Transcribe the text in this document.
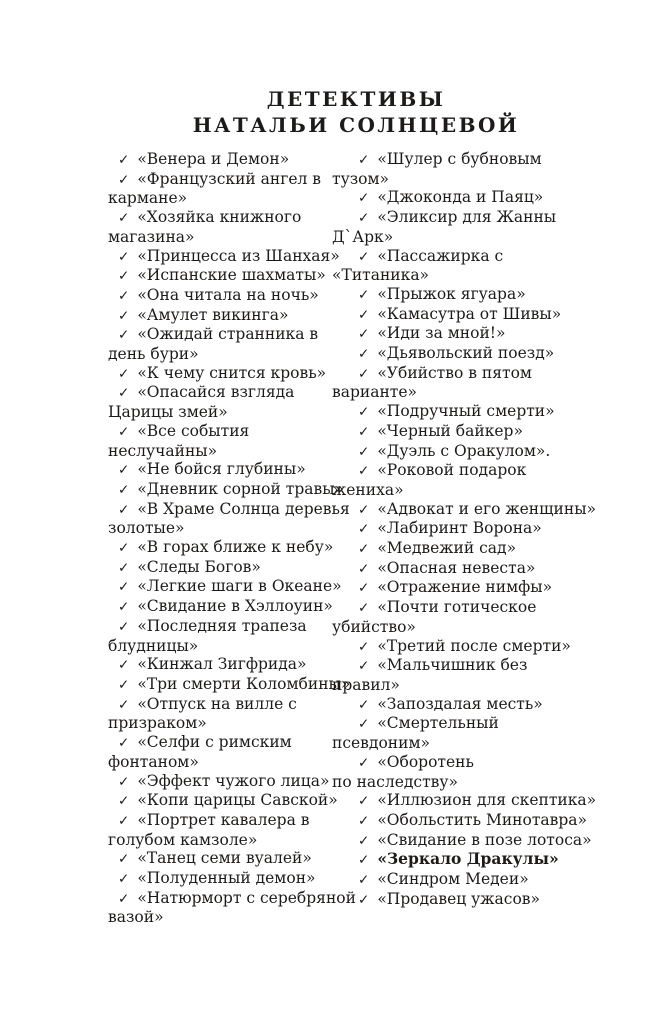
ДЕТЕКТИВЫ
НАТАЛЬИ СОЛНЦЕВОЙ
✓ «Венера и Демон»
✓ «Французский ангел в
кармане»
✓ «Хозяйка книжного
магазина»
✓ «Принцесса из Шанхая»
✓ «Испанские шахматы»
✓ «Она читала на ночь»
✓ «Амулет викинга»
✓ «Ожидай странника в
день бури»
✓ «К чему снится кровь»
✓ «Опасайся взгляда
Царицы змей»
✓ «Все события
неслучайны»
✓ «Не бойся глубины»
✓ «Дневник сорной травы»
✓ «В Храме Солнца деревья
золотые»
✓ «В горах ближе к небу»
✓ «Следы Богов»
✓ «Легкие шаги в Океане»
✓ «Свидание в Хэллоуин»
✓ «Последняя трапеза
блудницы»
✓ «Кинжал Зигфрида»
✓ «Три смерти Коломбины»
✓ «Отпуск на вилле с
призраком»
✓ «Селфи с римским
фонтаном»
✓ «Эффект чужого лица»
✓ «Копи царицы Савской»
✓ «Портрет кавалера в
голубом камзоле»
✓ «Танец семи вуалей»
✓ «Полуденный демон»
✓ «Натюрморт с серебряной
вазой»
✓ «Шулер с бубновым
тузом»
✓ «Джоконда и Паяц»
✓ «Эликсир для Жанны
Д`Арк»
✓ «Пассажирка с
«Титаника»
✓ «Прыжок ягуара»
✓ «Камасутра от Шивы»
✓ «Иди за мной!»
✓ «Дьявольский поезд»
✓ «Убийство в пятом
варианте»
✓ «Подручный смерти»
✓ «Черный байкер»
✓ «Дуэль с Оракулом».
✓ «Роковой подарок
жениха»
✓ «Адвокат и его женщины»
✓ «Лабиринт Ворона»
✓ «Медвежий сад»
✓ «Опасная невеста»
✓ «Отражение нимфы»
✓ «Почти готическое
убийство»
✓ «Третий после смерти»
✓ «Мальчишник без
правил»
✓ «Запоздалая месть»
✓ «Смертельный
псевдоним»
✓ «Оборотень
по наследству»
✓ «Иллюзион для скептика»
✓ «Обольстить Минотавра»
✓ «Свидание в позе лотоса»
✓ «Зеркало Дракулы»
✓ «Синдром Медеи»
✓ «Продавец ужасов»
